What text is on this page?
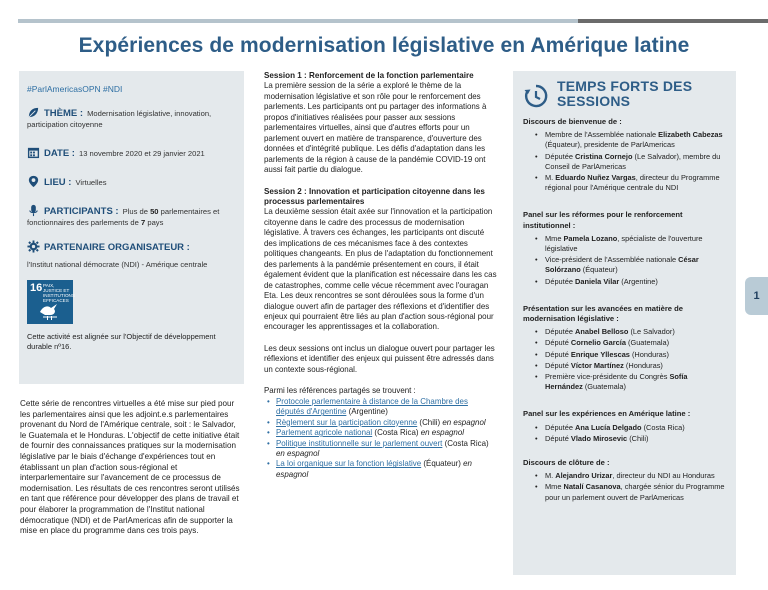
Expériences de modernisation législative en Amérique latine
#ParlAmericasOPN #NDI
THÈME : Modernisation législative, innovation, participation citoyenne
DATE : 13 novembre 2020 et 29 janvier 2021
LIEU : Virtuelles
PARTICIPANTS : Plus de 50 parlementaires et fonctionnaires des parlements de 7 pays
PARTENAIRE ORGANISATEUR :
l'Institut national démocrate (NDI) - Amérique centrale
16 PAIX, JUSTICE ET INSTITUTIONS EFFICACES
Cette activité est alignée sur l'Objectif de développement durable nº16.

Cette série de rencontres virtuelles a été mise sur pied pour les parlementaires ainsi que les adjoint.e.s parlementaires provenant du Nord de l'Amérique centrale, soit : le Salvador, le Guatemala et le Honduras. L'objectif de cette initiative était de fournir des connaissances pratiques sur la modernisation législative par le biais d'échange d'expériences tout en établissant un plan d'action sous-régional et interparlementaire sur l'avancement de ce processus de modernisation. Les résultats de ces rencontres seront utilisés en tant que référence pour développer des plans de travail et pour élaborer la programmation de l'Institut national démocratique (NDI) et de ParlAmericas afin de supporter la mise en place du programme dans ces trois pays.

Session 1 : Renforcement de la fonction parlementaire

La première session de la série a exploré le thème de la modernisation législative et son rôle pour le renforcement des parlements. Les participants ont pu partager des informations à propos d'initiatives réalisées pour passer aux sessions parlementaires virtuelles, ainsi que d'autres efforts pour un parlement ouvert en matière de transparence, d'ouverture des données et d'intégrité publique. Les défis d'adaptation dans les parlements de la région à cause de la pandémie COVID-19 ont aussi fait partie du dialogue.

Session 2 : Innovation et participation citoyenne dans les processus parlementaires

La deuxième session était axée sur l'innovation et la participation citoyenne dans le cadre des processus de modernisation législative. À travers ces échanges, les participants ont discuté des implications de ces mécanismes face à des contextes politiques changeants. En plus de l'adaptation du fonctionnement des parlements à la pandémie présentement en cours, il était également évident que la planification est nécessaire dans les cas de catastrophes, comme celle vécue récemment avec l'ouragan Eta. Les deux rencontres se sont déroulées sous la forme d'un dialogue ouvert afin de partager des réflexions et d'identifier des enjeux qui pourraient être liés au plan d'action sous-régional pour encourager les apprentissages et la collaboration.

Les deux sessions ont inclus un dialogue ouvert pour partager les réflexions et identifier des enjeux qui puissent être adressés dans un contexte sous-régional.

Parmi les références partagés se trouvent :

• Protocole parlementaire à distance de la Chambre des députés d'Argentine (Argentine)
• Règlement sur la participation citoyenne (Chili) en espagnol
• Parlement agricole national (Costa Rica) en espagnol
• Politique institutionnelle sur le parlement ouvert (Costa Rica) en espagnol
• La loi organique sur la fonction législative (Équateur) en espagnol
TEMPS FORTS DES
SESSIONS
Discours de bienvenue de :
• Membre de l'Assemblée nationale Elizabeth Cabezas (Équateur), presidente de ParlAmericas
• Députée Cristina Cornejo (Le Salvador), membre du Conseil de ParlAmericas
• M. Eduardo Nuñez Vargas, directeur du Programme régional pour l'Amérique centrale du NDI
Panel sur les réformes pour le renforcement institutionnel :
• Mme Pamela Lozano, spécialiste de l'ouverture législative
• Vice-président de l'Assemblée nationale César Solórzano (Équateur)
• Députée Daniela Vilar (Argentine)
Présentation sur les avancées en matière de modernisation législative :
• Députée Anabel Belloso (Le Salvador)
• Député Cornelio García (Guatemala)
• Député Enrique Yllescas (Honduras)
• Député Víctor Martínez (Honduras)
• Première vice-présidente du Congrès Sofía Hernández (Guatemala)
Panel sur les expériences en Amérique latine :
• Députée Ana Lucía Delgado (Costa Rica)
• Député Vlado Mirosevic (Chili)
Discours de clôture de :
• M. Alejandro Urizar, directeur du NDI au Honduras
• Mme Natalí Casanova, chargée sénior du Programme pour un parlement ouvert de ParlAmericas
1
